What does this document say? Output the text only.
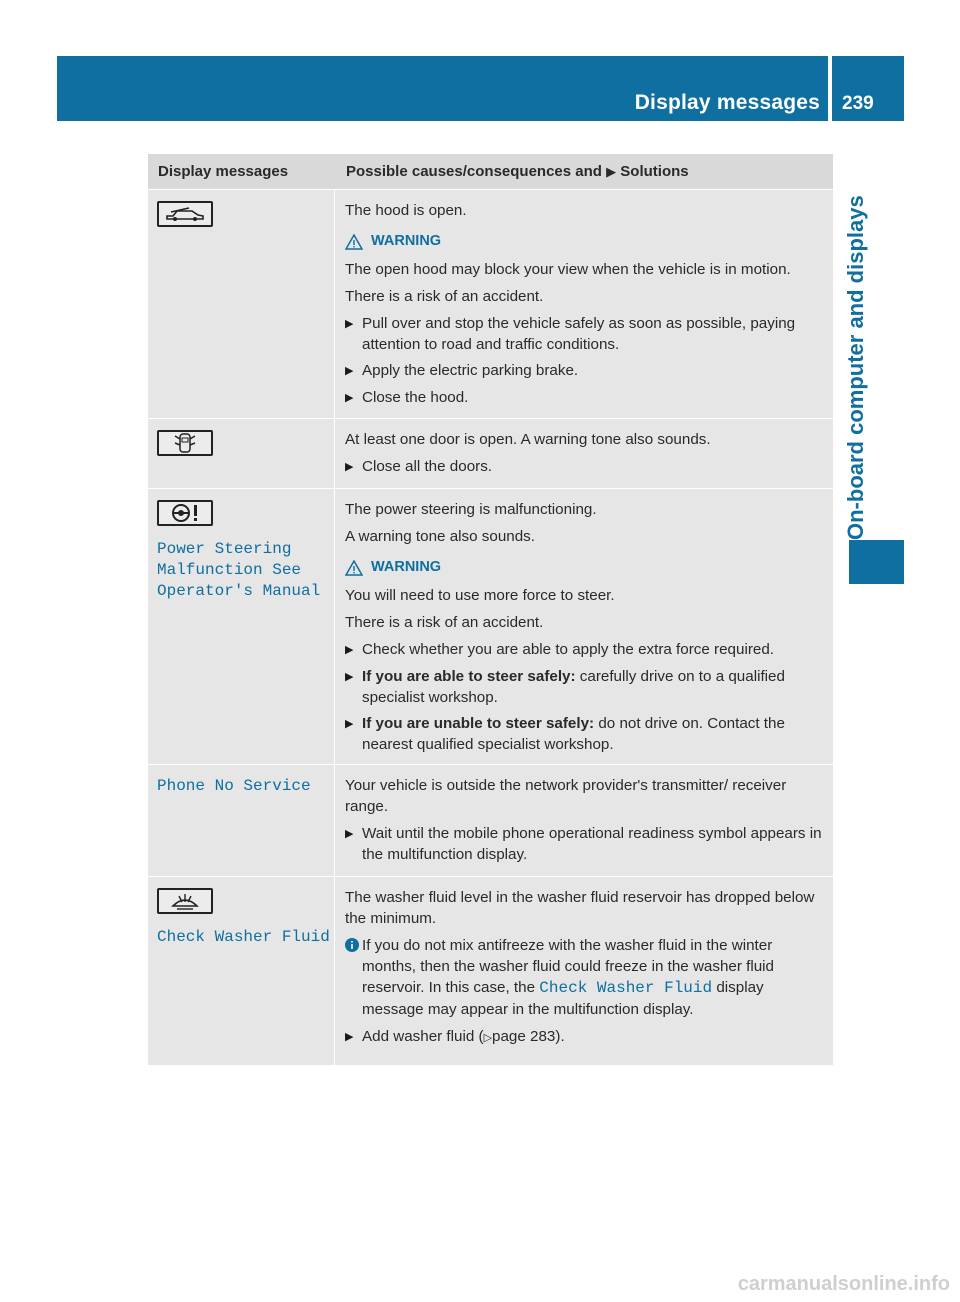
Display messages 239
On-board computer and displays
Display messages	Possible causes/consequences and ▶ Solutions

The hood is open.

WARNING

The open hood may block your view when the vehicle is in motion.

There is a risk of an accident.

▶ Pull over and stop the vehicle safely as soon as possible, paying attention to road and traffic conditions.
▶ Apply the electric parking brake.
▶ Close the hood.

At least one door is open. A warning tone also sounds.

▶ Close all the doors.
Power Steering
Malfunction See
Operator's Manual

The power steering is malfunctioning.

A warning tone also sounds.

WARNING

You will need to use more force to steer.

There is a risk of an accident.

▶ Check whether you are able to apply the extra force required.
▶ If you are able to steer safely: carefully drive on to a qualified specialist workshop.
▶ If you are unable to steer safely: do not drive on. Contact the nearest qualified specialist workshop.
Phone No Service	Your vehicle is outside the network provider's transmitter/ receiver range.

▶ Wait until the mobile phone operational readiness symbol appears in the multifunction display.
Check Washer Fluid

The washer fluid level in the washer fluid reservoir has dropped below the minimum.

If you do not mix antifreeze with the washer fluid in the winter months, then the washer fluid could freeze in the washer fluid reservoir. In this case, the Check Washer Fluid display message may appear in the multifunction display.
▶ Add washer fluid (▷page 283).
carmanualsonline.info
